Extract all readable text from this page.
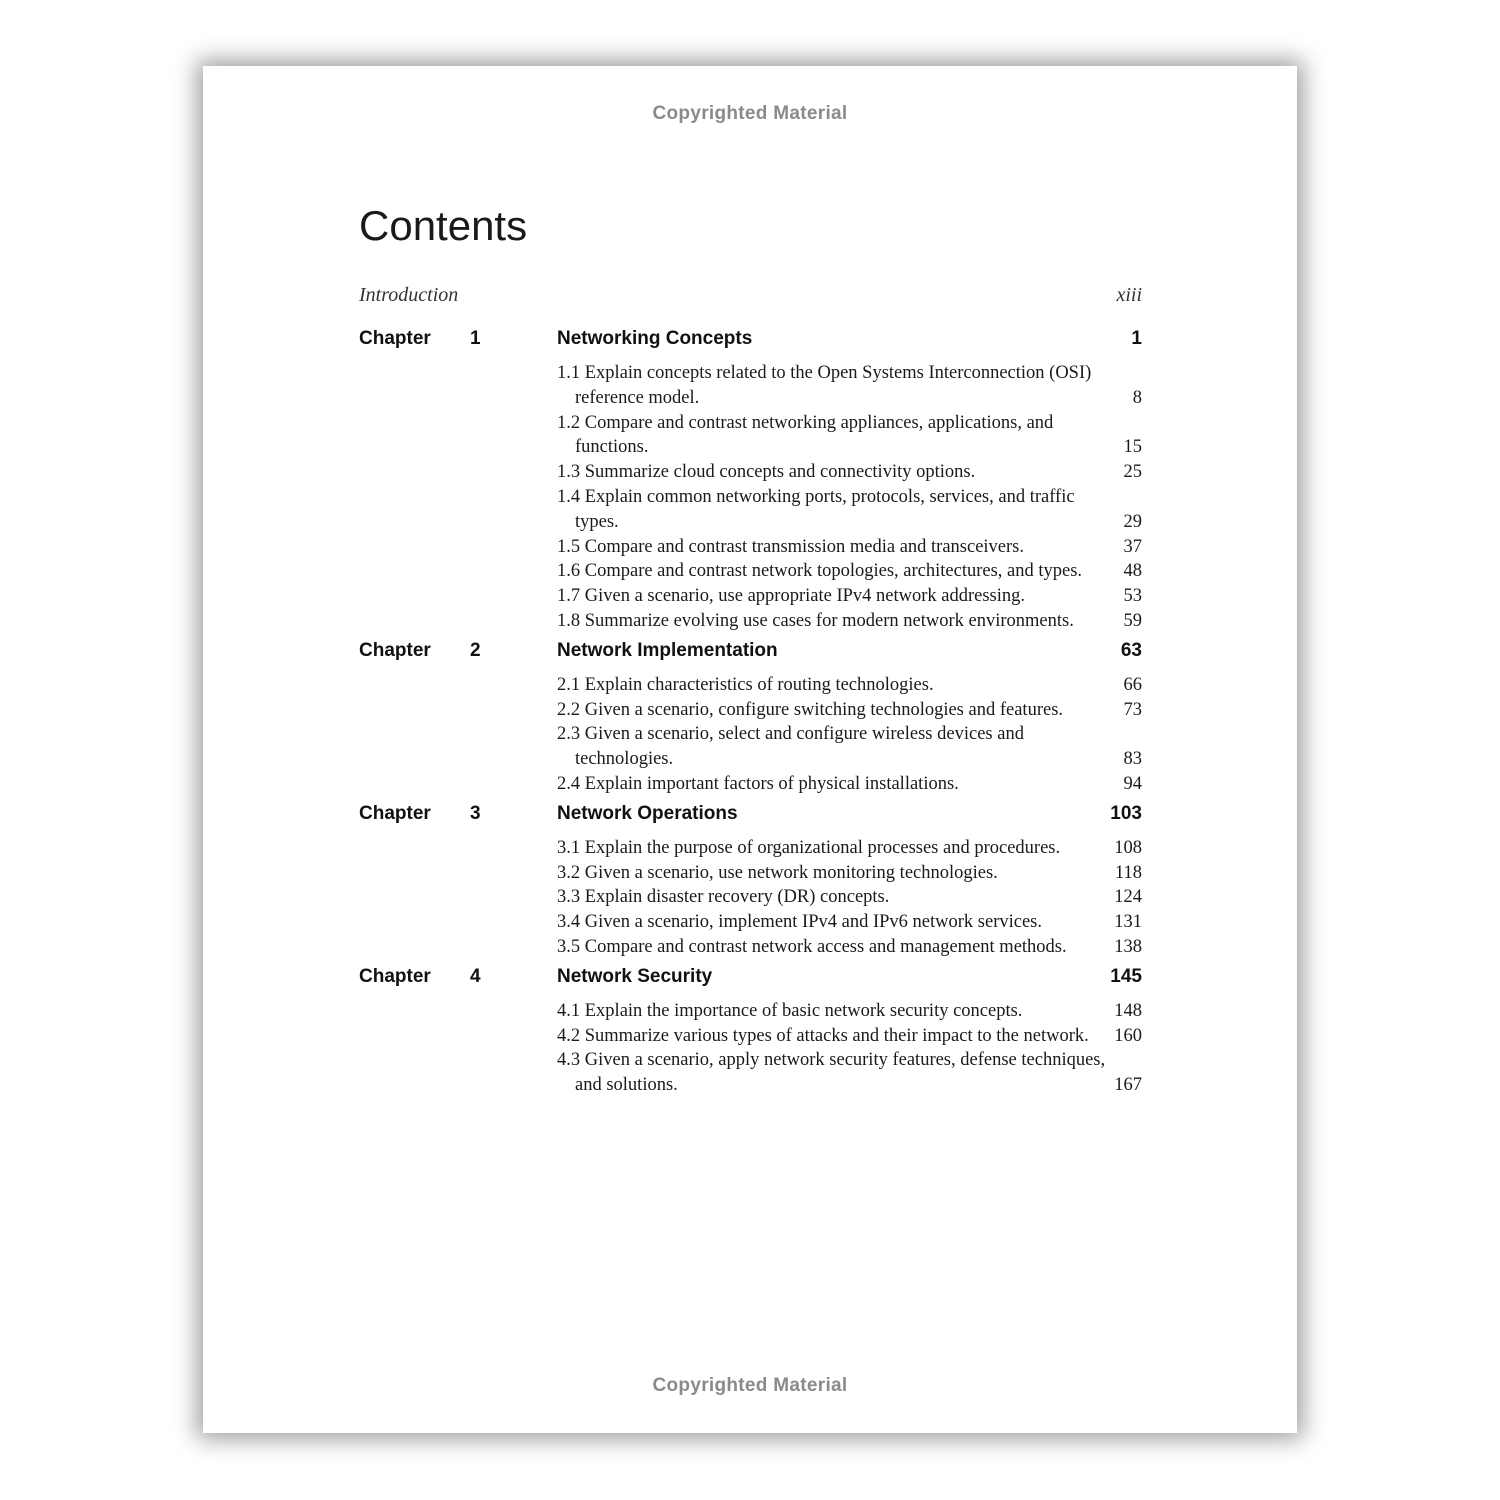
Copyrighted Material
Contents
Introduction	xiii
Chapter 1	Networking Concepts	1
1.1 Explain concepts related to the Open Systems Interconnection (OSI) reference model.	8
1.2 Compare and contrast networking appliances, applications, and functions.	15
1.3 Summarize cloud concepts and connectivity options.	25
1.4 Explain common networking ports, protocols, services, and traffic types.	29
1.5 Compare and contrast transmission media and transceivers.	37
1.6 Compare and contrast network topologies, architectures, and types.	48
1.7 Given a scenario, use appropriate IPv4 network addressing.	53
1.8 Summarize evolving use cases for modern network environments.	59
Chapter 2	Network Implementation	63
2.1 Explain characteristics of routing technologies.	66
2.2 Given a scenario, configure switching technologies and features.	73
2.3 Given a scenario, select and configure wireless devices and technologies.	83
2.4 Explain important factors of physical installations.	94
Chapter 3	Network Operations	103
3.1 Explain the purpose of organizational processes and procedures.	108
3.2 Given a scenario, use network monitoring technologies.	118
3.3 Explain disaster recovery (DR) concepts.	124
3.4 Given a scenario, implement IPv4 and IPv6 network services.	131
3.5 Compare and contrast network access and management methods.	138
Chapter 4	Network Security	145
4.1 Explain the importance of basic network security concepts.	148
4.2 Summarize various types of attacks and their impact to the network.	160
4.3 Given a scenario, apply network security features, defense techniques, and solutions.	167
Copyrighted Material
